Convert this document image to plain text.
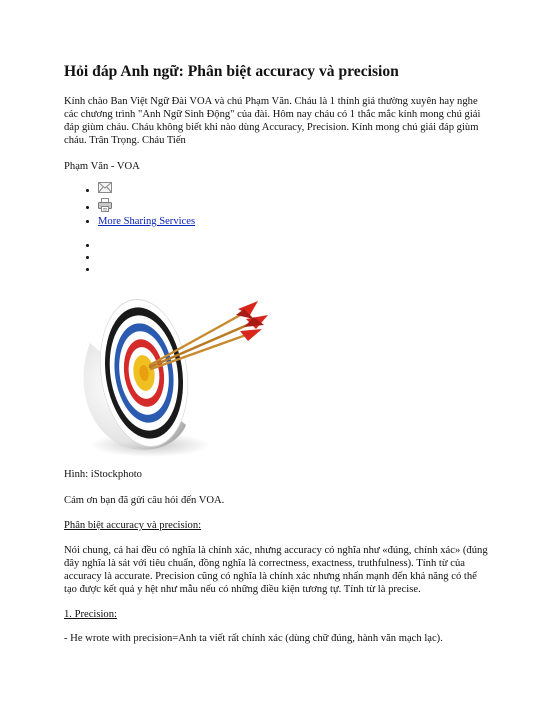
Hỏi đáp Anh ngữ: Phân biệt accuracy và precision

Kính chào Ban Việt Ngữ Đài VOA và chú Phạm Văn. Cháu là 1 thính giả thường xuyên hay nghe các chương trình "Anh Ngữ Sinh Động" của đài. Hôm nay cháu có 1 thắc mắc kính mong chú giải đáp giùm cháu. Cháu không biết khi nào dùng Accuracy, Precision. Kính mong chú giải đáp giùm cháu. Trân Trọng. Cháu Tiến

Phạm Văn - VOA

•
•
• More Sharing Services
•
•
•

Hình: iStockphoto

Cám ơn bạn đã gửi câu hỏi đến VOA.

Phân biệt accuracy và precision:

Nói chung, cả hai đều có nghĩa là chính xác, nhưng accuracy có nghĩa như «đúng, chính xác» (đúng đây nghĩa là sát với tiêu chuẩn, đồng nghĩa là correctness, exactness, truthfulness). Tính từ của accuracy là accurate. Precision cũng có nghĩa là chính xác nhưng nhấn mạnh đến khả năng có thể tạo được kết quả y hệt như mẫu nếu có những điều kiện tương tự. Tính từ là precise.

1. Precision:

- He wrote with precision=Anh ta viết rất chính xác (dùng chữ đúng, hành văn mạch lạc).
